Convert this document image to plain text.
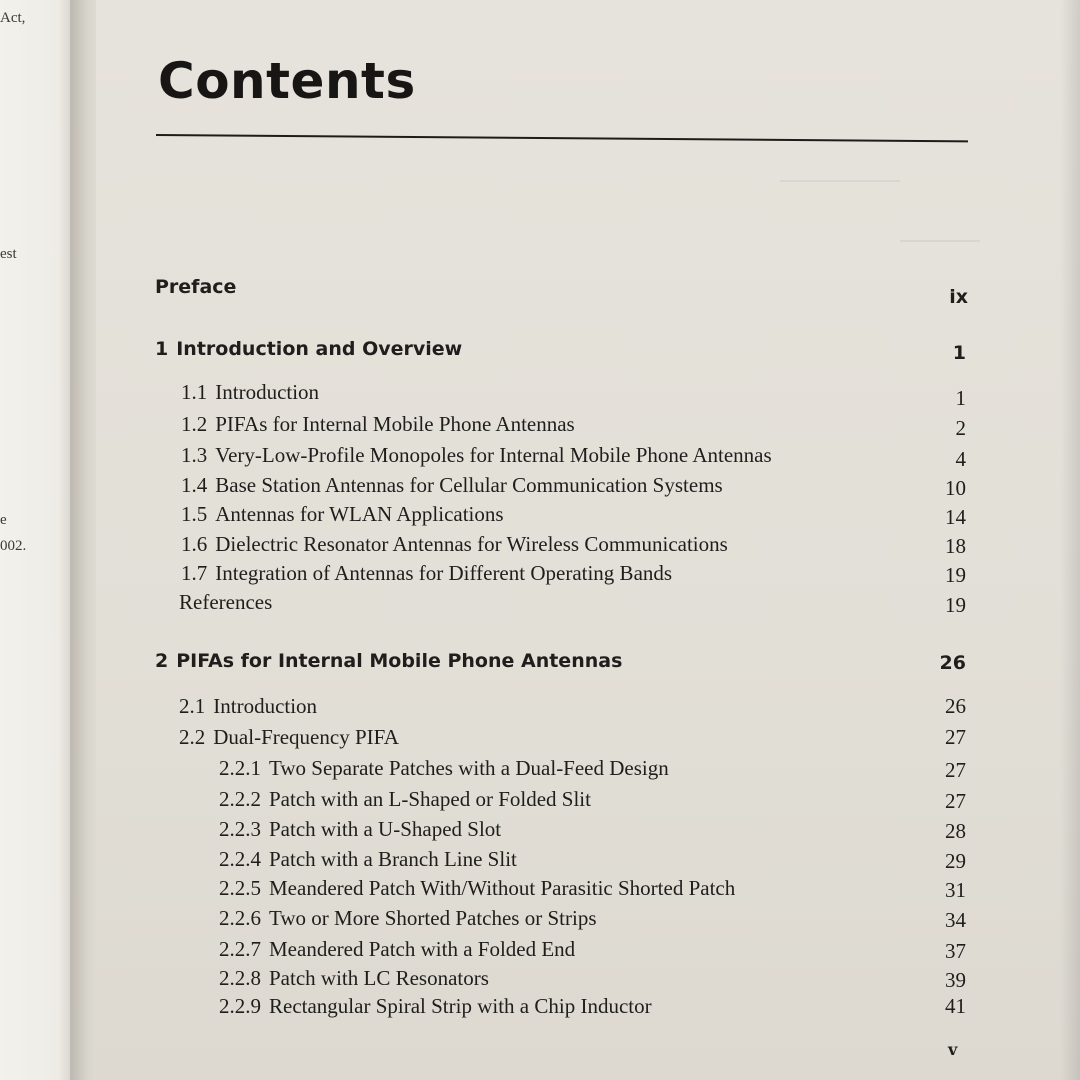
Act,
est
e
002.
Contents
Preface	ix
1 Introduction and Overview	1
1.1 Introduction	1
1.2 PIFAs for Internal Mobile Phone Antennas	2
1.3 Very-Low-Profile Monopoles for Internal Mobile Phone Antennas	4
1.4 Base Station Antennas for Cellular Communication Systems	10
1.5 Antennas for WLAN Applications	14
1.6 Dielectric Resonator Antennas for Wireless Communications	18
1.7 Integration of Antennas for Different Operating Bands	19
References	19
2 PIFAs for Internal Mobile Phone Antennas	26
2.1 Introduction	26
2.2 Dual-Frequency PIFA	27
2.2.1 Two Separate Patches with a Dual-Feed Design	27
2.2.2 Patch with an L-Shaped or Folded Slit	27
2.2.3 Patch with a U-Shaped Slot	28
2.2.4 Patch with a Branch Line Slit	29
2.2.5 Meandered Patch With/Without Parasitic Shorted Patch	31
2.2.6 Two or More Shorted Patches or Strips	34
2.2.7 Meandered Patch with a Folded End	37
2.2.8 Patch with LC Resonators	39
2.2.9 Rectangular Spiral Strip with a Chip Inductor	41
v
